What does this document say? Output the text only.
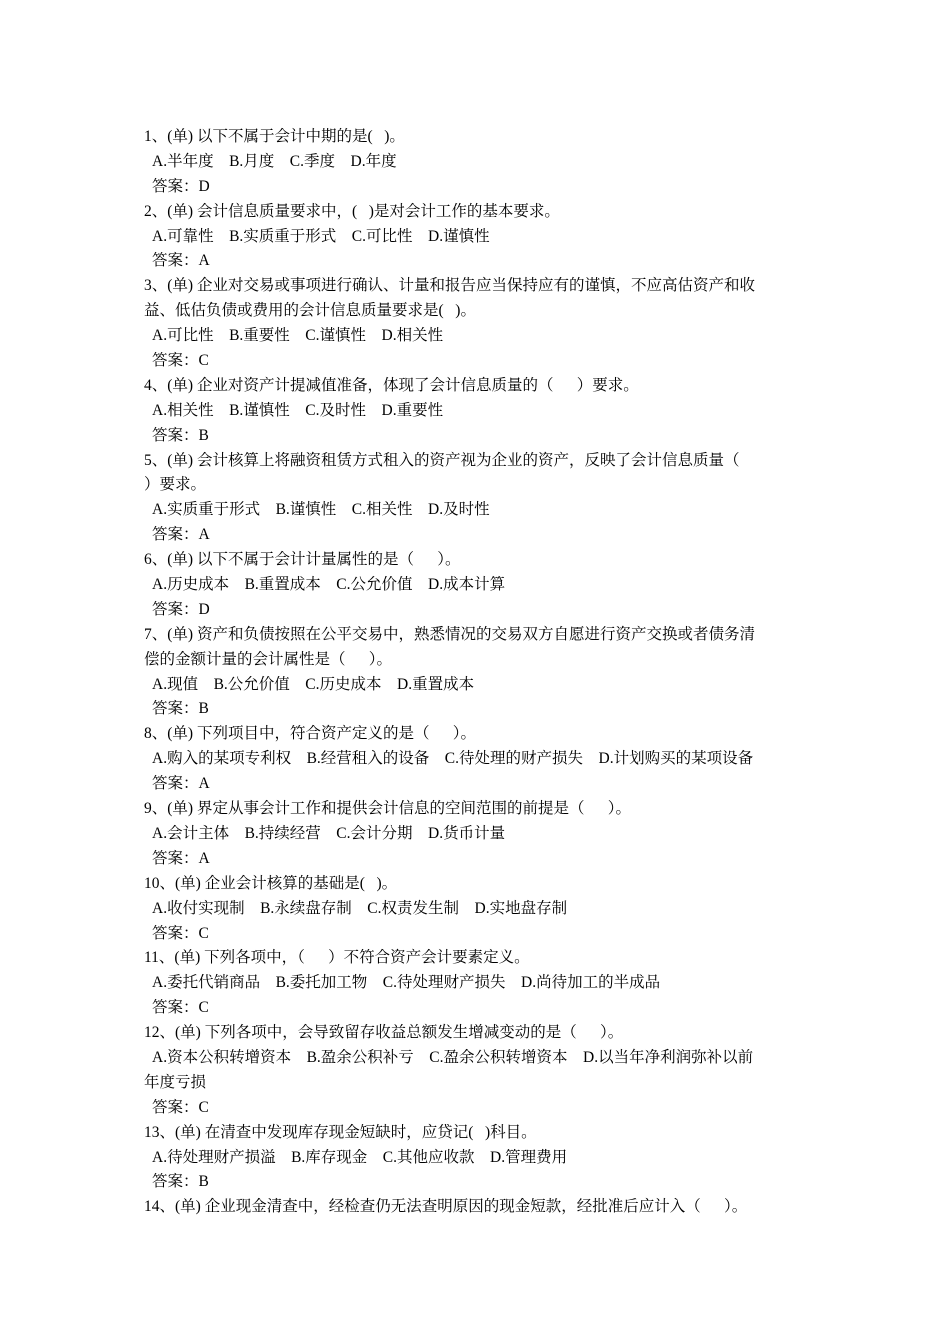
1、(单) 以下不属于会计中期的是(   )。
A.半年度    B.月度    C.季度    D.年度
答案：D
2、(单) 会计信息质量要求中，(   )是对会计工作的基本要求。
A.可靠性    B.实质重于形式    C.可比性    D.谨慎性
答案：A
3、(单) 企业对交易或事项进行确认、计量和报告应当保持应有的谨慎，不应高估资产和收
益、低估负债或费用的会计信息质量要求是(   )。
A.可比性    B.重要性    C.谨慎性    D.相关性
答案：C
4、(单) 企业对资产计提减值准备，体现了会计信息质量的（      ）要求。
A.相关性    B.谨慎性    C.及时性    D.重要性
答案：B
5、(单) 会计核算上将融资租赁方式租入的资产视为企业的资产，反映了会计信息质量（
）要求。
A.实质重于形式    B.谨慎性    C.相关性    D.及时性
答案：A
6、(单) 以下不属于会计计量属性的是（      ）。
A.历史成本    B.重置成本    C.公允价值    D.成本计算
答案：D
7、(单) 资产和负债按照在公平交易中，熟悉情况的交易双方自愿进行资产交换或者债务清
偿的金额计量的会计属性是（      ）。
A.现值    B.公允价值    C.历史成本    D.重置成本
答案：B
8、(单) 下列项目中，符合资产定义的是（      ）。
A.购入的某项专利权    B.经营租入的设备    C.待处理的财产损失    D.计划购买的某项设备
答案：A
9、(单) 界定从事会计工作和提供会计信息的空间范围的前提是（      ）。
A.会计主体    B.持续经营    C.会计分期    D.货币计量
答案：A
10、(单) 企业会计核算的基础是(   )。
A.收付实现制    B.永续盘存制    C.权责发生制    D.实地盘存制
答案：C
11、(单) 下列各项中，（      ）不符合资产会计要素定义。
A.委托代销商品    B.委托加工物    C.待处理财产损失    D.尚待加工的半成品
答案：C
12、(单) 下列各项中，会导致留存收益总额发生增减变动的是（      ）。
A.资本公积转增资本    B.盈余公积补亏    C.盈余公积转增资本    D.以当年净利润弥补以前
年度亏损
答案：C
13、(单) 在清查中发现库存现金短缺时，应贷记(   )科目。
A.待处理财产损溢    B.库存现金    C.其他应收款    D.管理费用
答案：B
14、(单) 企业现金清查中，经检查仍无法查明原因的现金短款，经批准后应计入（      ）。
